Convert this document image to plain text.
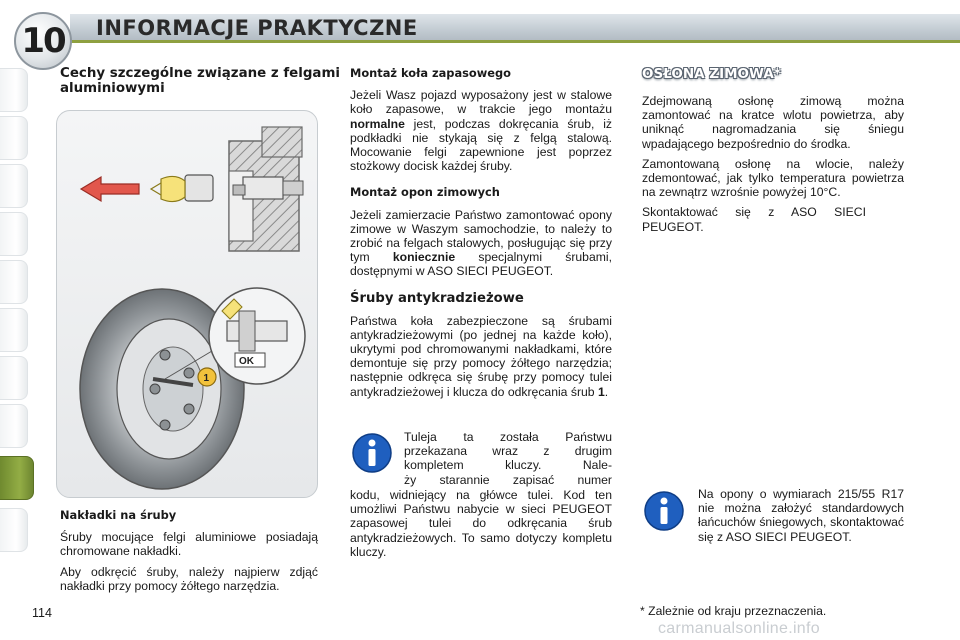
10 INFORMACJE PRAKTYCZNE
Cechy szczególne związane z felgami aluminiowymi
OK
1
Nakładki na śruby

Śruby mocujące felgi aluminiowe posiadają chromowane nakładki.

Aby odkręcić śruby, należy najpierw zdjąć nakładki przy pomocy żółtego narzędzia.

Montaż koła zapasowego

Jeżeli Wasz pojazd wyposażony jest w stalowe koło zapasowe, w trakcie jego montażu normalne jest, podczas dokręcania śrub, iż podkładki nie stykają się z felgą stalową. Mocowanie felgi zapewnione jest poprzez stożkowy docisk każdej śruby.

Montaż opon zimowych

Jeżeli zamierzacie Państwo zamontować opony zimowe w Waszym samochodzie, to należy to zrobić na felgach stalowych, posługując się przy tym koniecznie specjalnymi śrubami, dostępnymi w ASO SIECI PEUGEOT.

Śruby antykradzieżowe

Państwa koła zabezpieczone są śrubami antykradzieżowymi (po jednej na każde koło), ukrytymi pod chromowanymi nakładkami, które demontuje się przy pomocy żółtego narzędzia; następnie odkręca się śrubę przy pomocy tulei antykradzieżowej i klucza do odkręcania śrub 1.

Tuleja ta została Państwu
przekazana wraz z drugim
kompletem kluczy. Nale-
ży starannie zapisać numer

kodu, widniejący na główce tulei. Kod ten umożliwi Państwu nabycie w sieci PEUGEOT zapasowej tulei do odkręcania śrub antykradzieżowych. To samo dotyczy kompletu kluczy.

OSŁONA ZIMOWA*

Zdejmowaną osłonę zimową można zamontować na kratce wlotu powietrza, aby uniknąć nagromadzania się śniegu wpadającego bezpośrednio do środka.

Zamontowaną osłonę na wlocie, należy zdemontować, jak tylko temperatura powietrza na zewnątrz wzrośnie powyżej 10°C.

Skontaktować się z ASO SIECI PEUGEOT.

Na opony o wymiarach 215/55 R17 nie można założyć standardowych łańcuchów śniegowych, skontaktować się z ASO SIECI PEUGEOT.

114	* Zależnie od kraju przeznaczenia.
carmanualsonline.info
